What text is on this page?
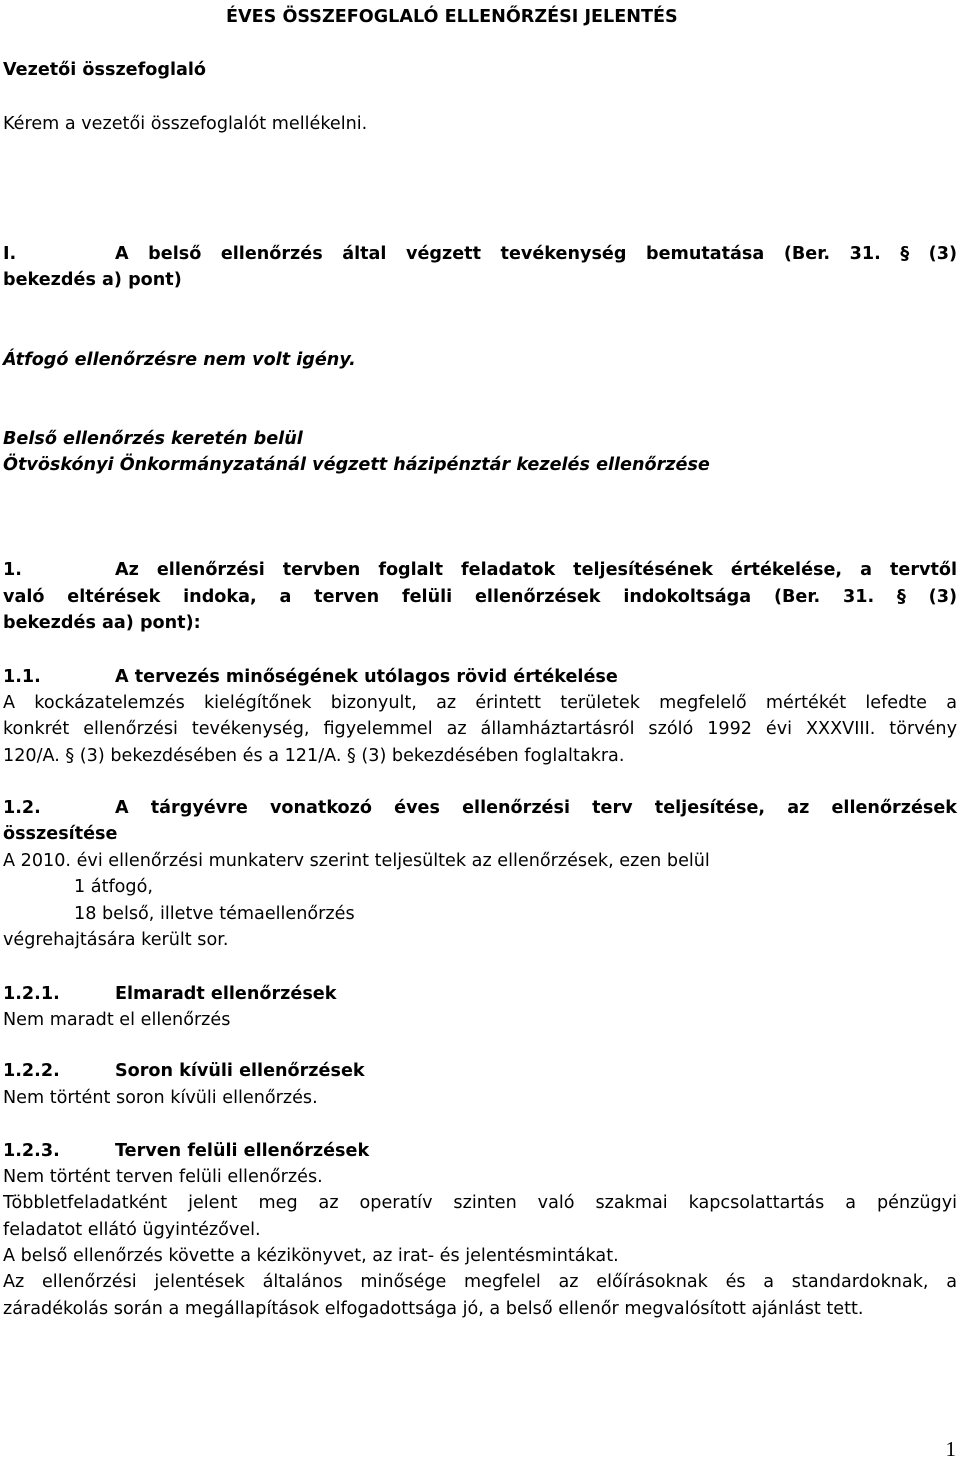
ÉVES ÖSSZEFOGLALÓ ELLENŐRZÉSI JELENTÉS
Vezetői összefoglaló
Kérem a vezetői összefoglalót mellékelni.
I.	A belső ellenőrzés által végzett tevékenység bemutatása (Ber. 31. § (3)
bekezdés a) pont)
Átfogó ellenőrzésre nem volt igény.
Belső ellenőrzés keretén belül
Ötvöskónyi Önkormányzatánál végzett házipénztár kezelés ellenőrzése
1.	Az ellenőrzési tervben foglalt feladatok teljesítésének értékelése, a tervtől
való eltérések indoka, a terven felüli ellenőrzések indokoltsága (Ber. 31. § (3)
bekezdés aa) pont):
1.1.	A tervezés minőségének utólagos rövid értékelése
A kockázatelemzés kielégítőnek bizonyult, az érintett területek megfelelő mértékét lefedte a
konkrét ellenőrzési tevékenység, figyelemmel az államháztartásról szóló 1992 évi XXXVIII. törvény
120/A. § (3) bekezdésében és a 121/A. § (3) bekezdésében foglaltakra.
1.2.	A tárgyévre vonatkozó éves ellenőrzési terv teljesítése, az ellenőrzések
összesítése
A 2010. évi ellenőrzési munkaterv szerint teljesültek az ellenőrzések, ezen belül
1 átfogó,
18 belső, illetve témaellenőrzés
végrehajtására került sor.
1.2.1.	Elmaradt ellenőrzések
Nem maradt el ellenőrzés
1.2.2.	Soron kívüli ellenőrzések
Nem történt soron kívüli ellenőrzés.
1.2.3.	Terven felüli ellenőrzések
Nem történt terven felüli ellenőrzés.
Többletfeladatként jelent meg az operatív szinten való szakmai kapcsolattartás a pénzügyi
feladatot ellátó ügyintézővel.
A belső ellenőrzés követte a kézikönyvet, az irat- és jelentésmintákat.
Az ellenőrzési jelentések általános minősége megfelel az előírásoknak és a standardoknak, a
záradékolás során a megállapítások elfogadottsága jó, a belső ellenőr megvalósított ajánlást tett.
1
